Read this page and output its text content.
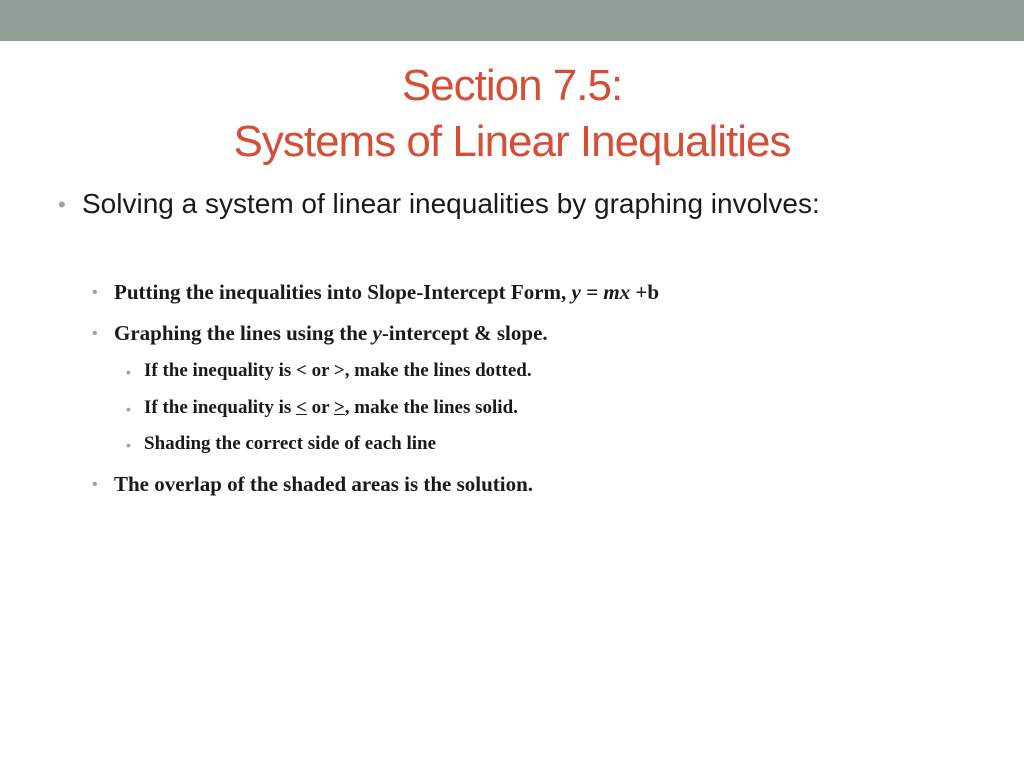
Section 7.5:
Systems of Linear Inequalities
• Solving a system of linear inequalities by graphing involves:
• Putting the inequalities into Slope-Intercept Form, y = mx +b
• Graphing the lines using the y-intercept & slope.
• If the inequality is < or >, make the lines dotted.
• If the inequality is < or >, make the lines solid.
• Shading the correct side of each line
• The overlap of the shaded areas is the solution.
